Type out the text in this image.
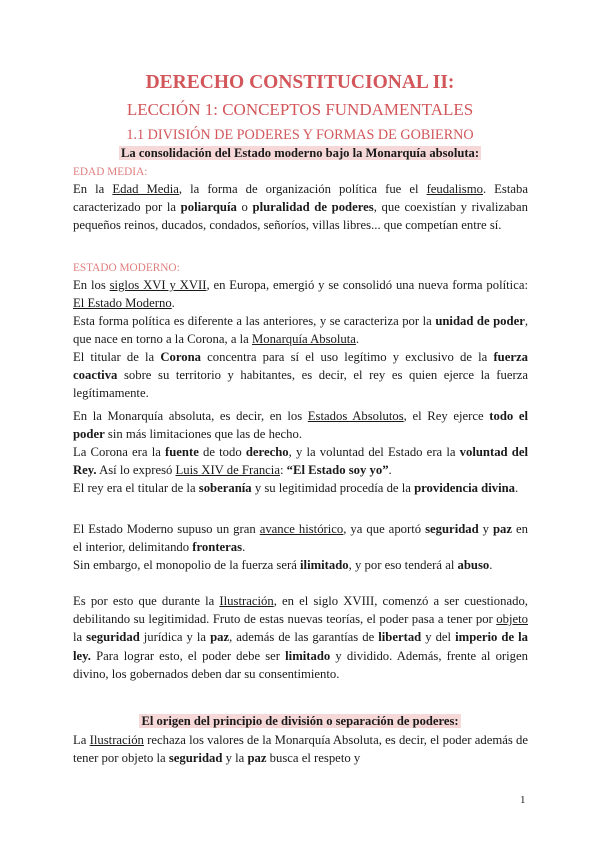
DERECHO CONSTITUCIONAL II:
LECCIÓN 1: CONCEPTOS FUNDAMENTALES
1.1 DIVISIÓN DE PODERES Y FORMAS DE GOBIERNO
La consolidación del Estado moderno bajo la Monarquía absoluta:
EDAD MEDIA:
En la Edad Media, la forma de organización política fue el feudalismo. Estaba caracterizado por la poliarquía o pluralidad de poderes, que coexistían y rivalizaban pequeños reinos, ducados, condados, señoríos, villas libres... que competían entre sí.
ESTADO MODERNO:
En los siglos XVI y XVII, en Europa, emergió y se consolidó una nueva forma política: El Estado Moderno.
Esta forma política es diferente a las anteriores, y se caracteriza por la unidad de poder, que nace en torno a la Corona, a la Monarquía Absoluta.
El titular de la Corona concentra para sí el uso legítimo y exclusivo de la fuerza coactiva sobre su territorio y habitantes, es decir, el rey es quien ejerce la fuerza legítimamente.
En la Monarquía absoluta, es decir, en los Estados Absolutos, el Rey ejerce todo el poder sin más limitaciones que las de hecho.
La Corona era la fuente de todo derecho, y la voluntad del Estado era la voluntad del Rey. Así lo expresó Luis XIV de Francia: “El Estado soy yo”.
El rey era el titular de la soberanía y su legitimidad procedía de la providencia divina.
El Estado Moderno supuso un gran avance histórico, ya que aportó seguridad y paz en el interior, delimitando fronteras.
Sin embargo, el monopolio de la fuerza será ilimitado, y por eso tenderá al abuso.
Es por esto que durante la Ilustración, en el siglo XVIII, comenzó a ser cuestionado, debilitando su legitimidad. Fruto de estas nuevas teorías, el poder pasa a tener por objeto la seguridad jurídica y la paz, además de las garantías de libertad y del imperio de la ley. Para lograr esto, el poder debe ser limitado y dividido. Además, frente al origen divino, los gobernados deben dar su consentimiento.
El origen del principio de división o separación de poderes:
La Ilustración rechaza los valores de la Monarquía Absoluta, es decir, el poder además de tener por objeto la seguridad y la paz busca el respeto y
1
